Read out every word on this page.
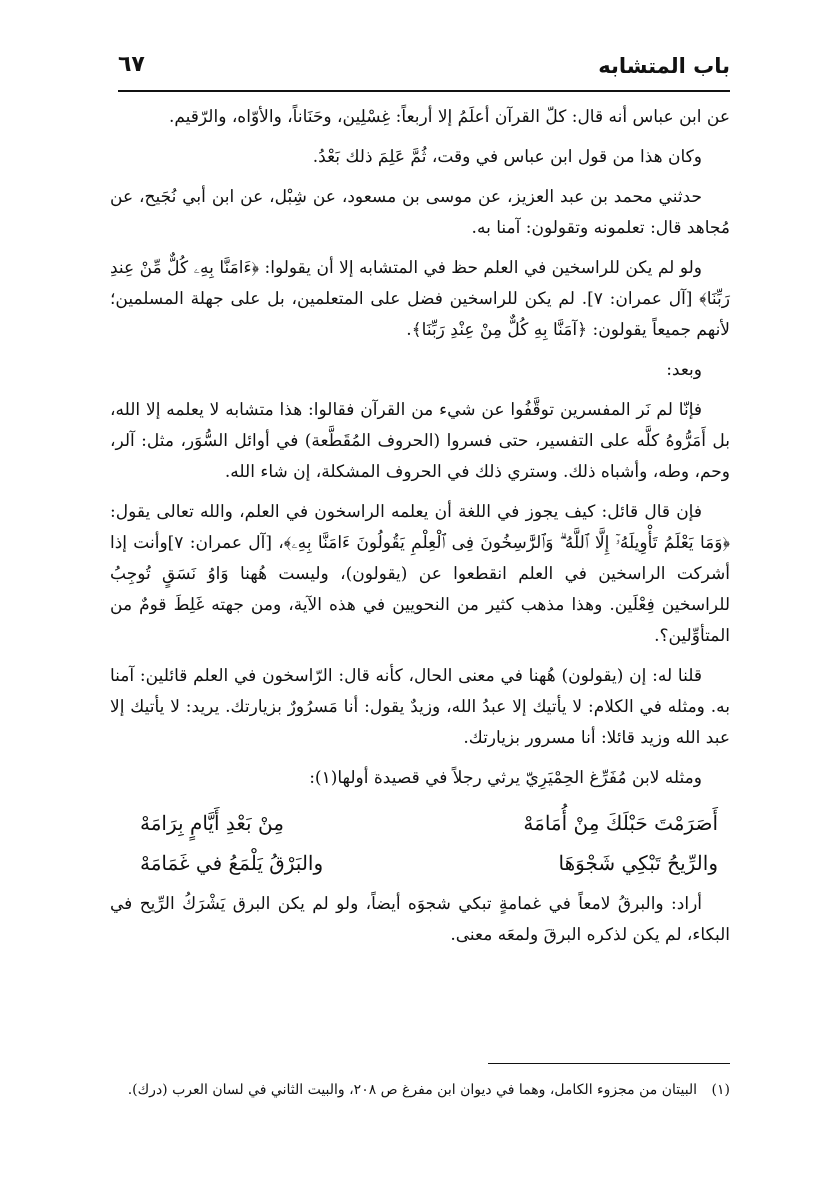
باب المتشابه
٦٧

عن ابن عباس أنه قال: كلّ القرآن أعلَمُ إلا أربعاً: غِسْلِين، وحَنَاناً، والأوّاه، والرّقيم.

وكان هذا من قول ابن عباس في وقت، ثُمَّ عَلِمَ ذلك بَعْدُ.

حدثني محمد بن عبد العزيز، عن موسى بن مسعود، عن شِبْل، عن ابن أبي نُجَيح، عن مُجاهد قال: تعلمونه وتقولون: آمنا به.

ولو لم يكن للراسخين في العلم حظ في المتشابه إلا أن يقولوا: ﴿ءَامَنَّا بِهِۦ كُلٌّ مِّنْ عِندِ رَبِّنَا﴾ [آل عمران: ٧]. لم يكن للراسخين فضل على المتعلمين، بل على جهلة المسلمين؛ لأنهم جميعاً يقولون: ﴿آمَنَّا بِهِ كُلٌّ مِنْ عِنْدِ رَبِّنَا﴾.

وبعد:

فإنّا لم نَر المفسرين توقَّفُوا عن شيء من القرآن فقالوا: هذا متشابه لا يعلمه إلا الله، بل أَمَرُّوهُ كلَّه على التفسير، حتى فسروا (الحروف المُقَطَّعة) في أوائل السُّوَر، مثل: آلر، وحم، وطه، وأشباه ذلك. وستري ذلك في الحروف المشكلة، إن شاء الله.

فإن قال قائل: كيف يجوز في اللغة أن يعلمه الراسخون في العلم، والله تعالى يقول: ﴿وَمَا يَعْلَمُ تَأْوِيلَهُۥٓ إِلَّا ٱللَّهُ ۗ وَٱلرَّٰسِخُونَ فِى ٱلْعِلْمِ يَقُولُونَ ءَامَنَّا بِهِۦ﴾، [آل عمران: ٧]وأنت إذا أشركت الراسخين في العلم انقطعوا عن (يقولون)، وليست هُهنا وَاوُ نَسَقٍ تُوجِبُ للراسخين فِعْلَين. وهذا مذهب كثير من النحويين في هذه الآية، ومن جهته غَلِطَ قومٌ من المتأوِّلين؟.

قلنا له: إن (يقولون) هُهنا في معنى الحال، كأنه قال: الرّاسخون في العلم قائلين: آمنا به. ومثله في الكلام: لا يأتيك إلا عبدُ الله، وزيدٌ يقول: أنا مَسرُورٌ بزيارتك. يريد: لا يأتيك إلا عبد الله وزيد قائلا: أنا مسرور بزيارتك.

ومثله لابن مُفَرِّغ الحِمْيَرِيّ يرثي رجلاً في قصيدة أولها(١):

أَصَرَمْتَ حَبْلَكَ مِنْ أُمَامَهْ
مِنْ بَعْدِ أَيَّامٍ بِرَامَهْ
والرِّيحُ تَبْكِي شَجْوَهَا
والبَرْقُ يَلْمَعُ في غَمَامَهْ

أراد: والبرقُ لامعاً في غمامةٍ تبكي شجوَه أيضاً، ولو لم يكن البرق يَشْرَكُ الرِّيح في البكاء، لم يكن لذكره البرقَ ولمعَه معنى.

(١) البيتان من مجزوء الكامل، وهما في ديوان ابن مفرغ ص ٢٠٨، والبيت الثاني في لسان العرب (درك).
